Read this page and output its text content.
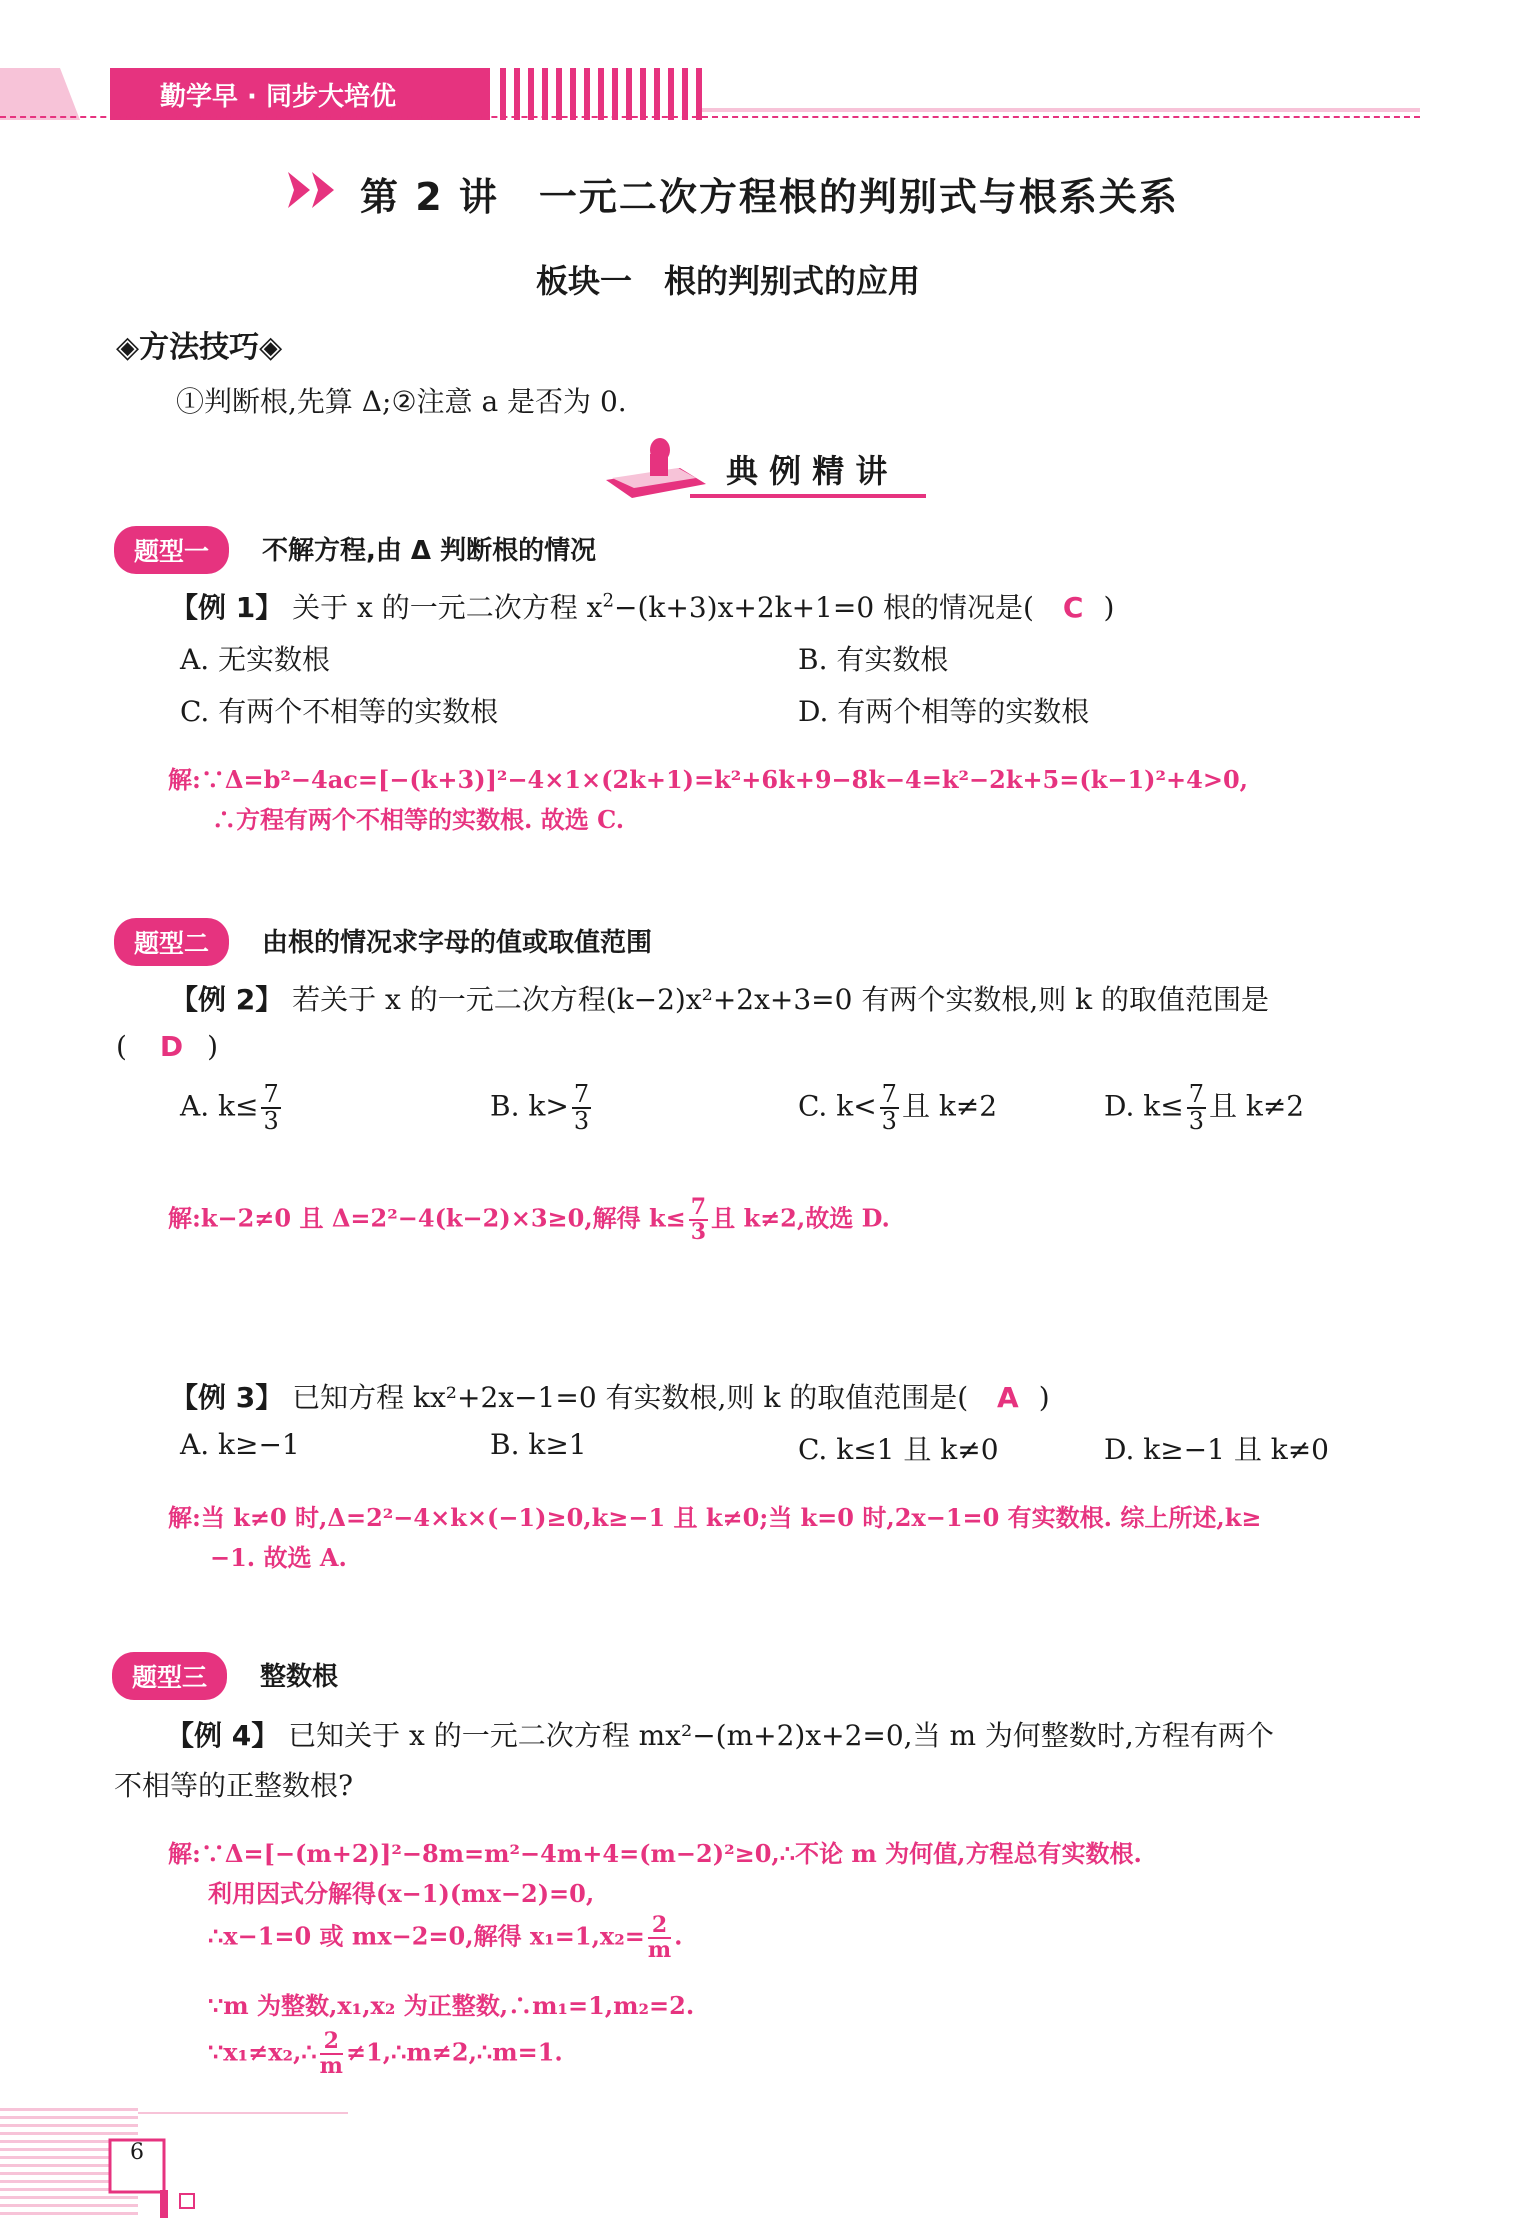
勤学早 · 同步大培优
第 2 讲　一元二次方程根的判别式与根系关系
板块一　根的判别式的应用
◈方法技巧◈
①判断根,先算 Δ;②注意 a 是否为 0.
典 例 精 讲
题型一	不解方程,由 Δ 判断根的情况
【例 1】 关于 x 的一元二次方程 $x^2-(k+3)x+2k+1=0$ 根的情况是( C )
A. 无实数根	B. 有实数根
C. 有两个不相等的实数根	D. 有两个相等的实数根
解:∵Δ=b²−4ac=[−(k+3)]²−4×1×(2k+1)=k²+6k+9−8k−4=k²−2k+5=(k−1)²+4>0,
∴方程有两个不相等的实数根. 故选 C.
题型二	由根的情况求字母的值或取值范围
【例 2】 若关于 x 的一元二次方程(k−2)x²+2x+3=0 有两个实数根,则 k 的取值范围是
( D )
A. $k\le \frac{7}{3}$	B. $k> \frac{7}{3}$	C. $k< \frac{7}{3}$ 且 k≠2	D. $k\le \frac{7}{3}$ 且 k≠2
解:k−2≠0 且 Δ=2²−4(k−2)×3≥0,解得 $k\le \frac{7}{3}$ 且 k≠2,故选 D.
【例 3】 已知方程 kx²+2x−1=0 有实数根,则 k 的取值范围是( A )
A. k≥−1	B. k≥1	C. k≤1 且 k≠0	D. k≥−1 且 k≠0
解:当 k≠0 时,Δ=2²−4×k×(−1)≥0,k≥−1 且 k≠0;当 k=0 时,2x−1=0 有实数根. 综上所述,k≥
−1. 故选 A.
题型三	整数根
【例 4】 已知关于 x 的一元二次方程 mx²−(m+2)x+2=0,当 m 为何整数时,方程有两个
不相等的正整数根?
解:∵Δ=[−(m+2)]²−8m=m²−4m+4=(m−2)²≥0,∴不论 m 为何值,方程总有实数根.
利用因式分解得(x−1)(mx−2)=0,
∴x−1=0 或 mx−2=0,解得 $x_1=1,x_2= \frac{2}{m}$ .
∵m 为整数,x₁,x₂ 为正整数,∴m₁=1,m₂=2.
∵x₁≠x₂,∴ $\frac{2}{m}$ ≠1,∴m≠2,∴m=1.
6
